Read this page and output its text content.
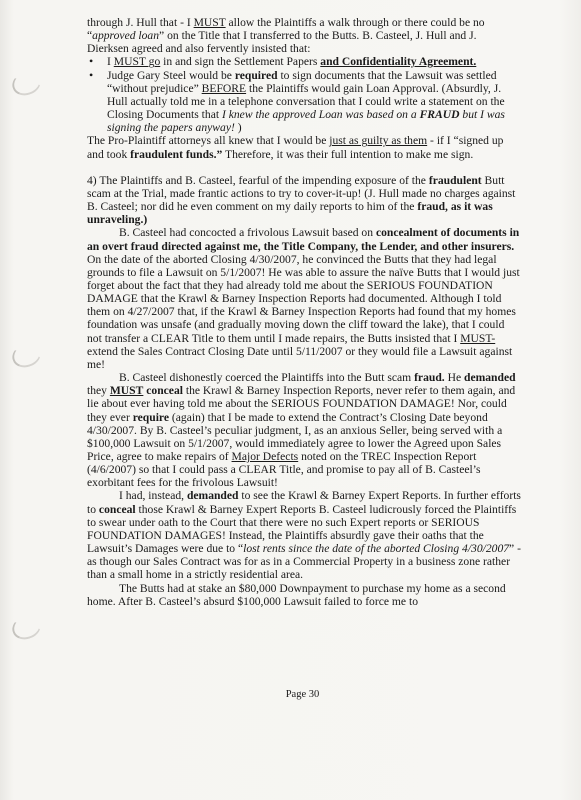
through J. Hull that - I MUST allow the Plaintiffs a walk through or there could be no “approved loan” on the Title that I transferred to the Butts. B. Casteel, J. Hull and J. Dierksen agreed and also fervently insisted that:

• I MUST go in and sign the Settlement Papers and Confidentiality Agreement.
• Judge Gary Steel would be required to sign documents that the Lawsuit was settled “without prejudice” BEFORE the Plaintiffs would gain Loan Approval. (Absurdly, J. Hull actually told me in a telephone conversation that I could write a statement on the Closing Documents that I knew the approved Loan was based on a FRAUD but I was signing the papers anyway! )

The Pro-Plaintiff attorneys all knew that I would be just as guilty as them - if I “signed up and took fraudulent funds.” Therefore, it was their full intention to make me sign.

4) The Plaintiffs and B. Casteel, fearful of the impending exposure of the fraudulent Butt scam at the Trial, made frantic actions to try to cover-it-up! (J. Hull made no charges against B. Casteel; nor did he even comment on my daily reports to him of the fraud, as it was unraveling.)

B. Casteel had concocted a frivolous Lawsuit based on concealment of documents in an overt fraud directed against me, the Title Company, the Lender, and other insurers. On the date of the aborted Closing 4/30/2007, he convinced the Butts that they had legal grounds to file a Lawsuit on 5/1/2007! He was able to assure the naïve Butts that I would just forget about the fact that they had already told me about the SERIOUS FOUNDATION DAMAGE that the Krawl & Barney Inspection Reports had documented. Although I told them on 4/27/2007 that, if the Krawl & Barney Inspection Reports had found that my homes foundation was unsafe (and gradually moving down the cliff toward the lake), that I could not transfer a CLEAR Title to them until I made repairs, the Butts insisted that I MUST- extend the Sales Contract Closing Date until 5/11/2007 or they would file a Lawsuit against me!

B. Casteel dishonestly coerced the Plaintiffs into the Butt scam fraud. He demanded they MUST conceal the Krawl & Barney Inspection Reports, never refer to them again, and lie about ever having told me about the SERIOUS FOUNDATION DAMAGE! Nor, could they ever require (again) that I be made to extend the Contract’s Closing Date beyond 4/30/2007. By B. Casteel’s peculiar judgment, I, as an anxious Seller, being served with a $100,000 Lawsuit on 5/1/2007, would immediately agree to lower the Agreed upon Sales Price, agree to make repairs of Major Defects noted on the TREC Inspection Report (4/6/2007) so that I could pass a CLEAR Title, and promise to pay all of B. Casteel’s exorbitant fees for the frivolous Lawsuit!

I had, instead, demanded to see the Krawl & Barney Expert Reports. In further efforts to conceal those Krawl & Barney Expert Reports B. Casteel ludicrously forced the Plaintiffs to swear under oath to the Court that there were no such Expert reports or SERIOUS FOUNDATION DAMAGES! Instead, the Plaintiffs absurdly gave their oaths that the Lawsuit’s Damages were due to “lost rents since the date of the aborted Closing 4/30/2007” - as though our Sales Contract was for as in a Commercial Property in a business zone rather than a small home in a strictly residential area.

The Butts had at stake an $80,000 Downpayment to purchase my home as a second home. After B. Casteel’s absurd $100,000 Lawsuit failed to force me to

Page 30
